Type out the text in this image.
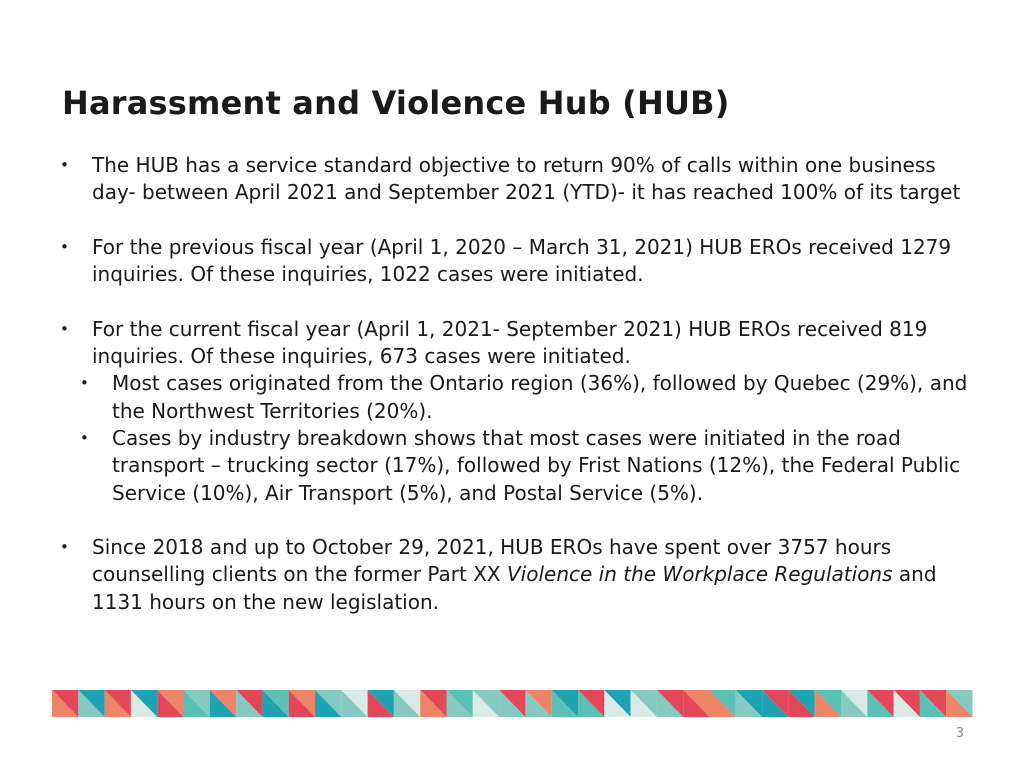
Harassment and Violence Hub (HUB)
• The HUB has a service standard objective to return 90% of calls within one business day- between April 2021 and September 2021 (YTD)- it has reached 100% of its target
• For the previous fiscal year (April 1, 2020 – March 31, 2021) HUB EROs received 1279 inquiries. Of these inquiries, 1022 cases were initiated.
• For the current fiscal year (April 1, 2021- September 2021) HUB EROs received 819 inquiries. Of these inquiries, 673 cases were initiated.
• Most cases originated from the Ontario region (36%), followed by Quebec (29%), and the Northwest Territories (20%).
• Cases by industry breakdown shows that most cases were initiated in the road transport – trucking sector (17%), followed by Frist Nations (12%), the Federal Public Service (10%), Air Transport (5%), and Postal Service (5%).
• Since 2018 and up to October 29, 2021, HUB EROs have spent over 3757 hours counselling clients on the former Part XX Violence in the Workplace Regulations and 1131 hours on the new legislation.
3
